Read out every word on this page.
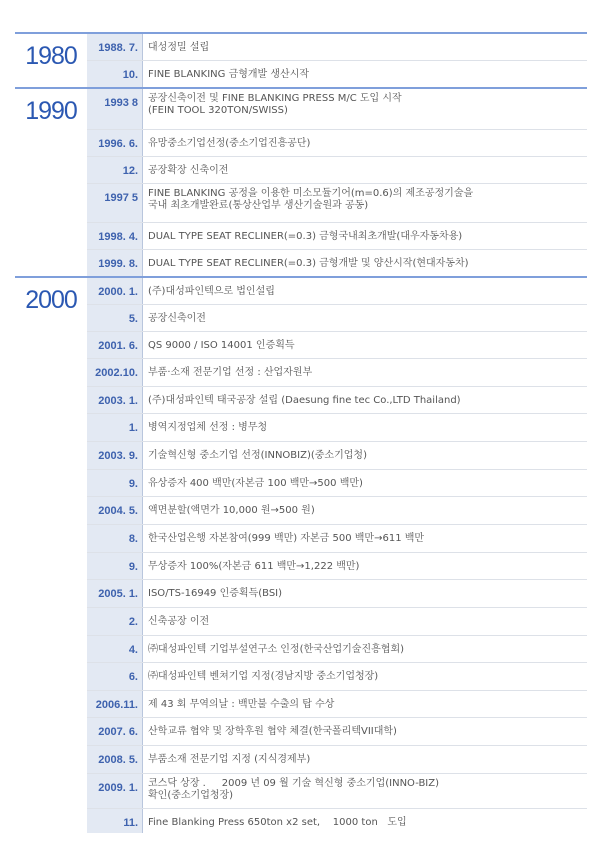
1980	1988. 7.	대성정밀 설립
10.	FINE BLANKING 금형개발 생산시작
1990	1993 8	공장신축이전 및 FINE BLANKING PRESS M/C 도입 시작
(FEIN TOOL 320TON/SWISS)
1996. 6.	유망중소기업선정(중소기업진흥공단)
12.	공장확장 신축이전
1997 5	FINE BLANKING 공정을 이용한 미소모듈기어(m=0.6)의 제조공정기술을
국내 최초개발완료(통상산업부 생산기술원과 공동)
1998. 4.	DUAL TYPE SEAT RECLINER(=0.3) 금형국내최초개발(대우자동차용)
1999. 8.	DUAL TYPE SEAT RECLINER(=0.3) 금형개발 및 양산시작(현대자동차)
2000	2000. 1.	(주)대성파인텍으로 법인설립
5.	공장신축이전
2001. 6.	QS 9000 / ISO 14001 인증획득
2002.10.	부품·소재 전문기업 선정 : 산업자원부
2003. 1.	(주)대성파인텍 태국공장 설립 (Daesung fine tec Co.,LTD Thailand)
1.	병역지정업체 선정 : 병무청
2003. 9.	기술혁신형 중소기업 선정(INNOBIZ)(중소기업청)
9.	유상증자 400 백만(자본금 100 백만→500 백만)
2004. 5.	액면분할(액면가 10,000 원→500 원)
8.	한국산업은행 자본참여(999 백만) 자본금 500 백만→611 백만
9.	무상증자 100%(자본금 611 백만→1,222 백만)
2005. 1.	ISO/TS-16949 인증획득(BSI)
2.	신축공장 이전
4.	㈜대성파인텍 기업부설연구소 인정(한국산업기술진흥협회)
6.	㈜대성파인텍 벤쳐기업 지정(경남지방 중소기업청장)
2006.11.	제 43 회 무역의날 : 백만불 수출의 탑 수상
2007. 6.	산학교류 협약 및 장학후원 협약 체결(한국폴리텍VII대학)
2008. 5.	부품소재 전문기업 지정 (지식경제부)
2009. 1.	코스닥 상장 .     2009 년 09 월 기술 혁신형 중소기업(INNO-BIZ)
확인(중소기업청장)
11.	Fine Blanking Press 650ton x2 set,    1000 ton   도입
